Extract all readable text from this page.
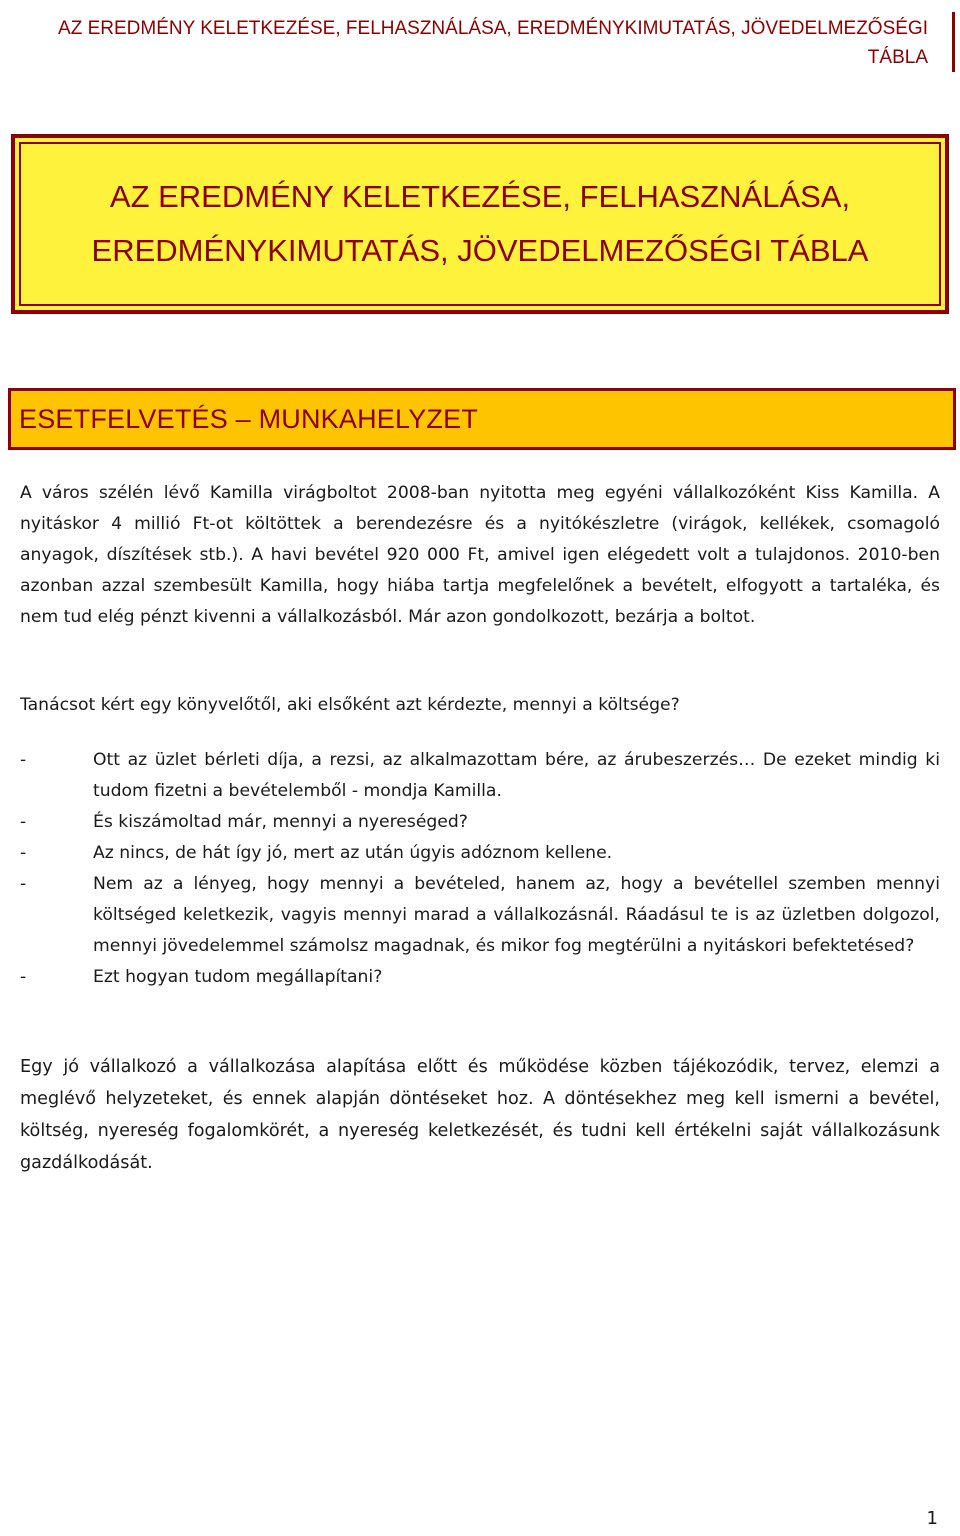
AZ EREDMÉNY KELETKEZÉSE, FELHASZNÁLÁSA, EREDMÉNYKIMUTATÁS, JÖVEDELMEZŐSÉGI TÁBLA
AZ EREDMÉNY KELETKEZÉSE, FELHASZNÁLÁSA,
EREDMÉNYKIMUTATÁS, JÖVEDELMEZŐSÉGI TÁBLA
ESETFELVETÉS – MUNKAHELYZET
A város szélén lévő Kamilla virágboltot 2008-ban nyitotta meg egyéni vállalkozóként Kiss Kamilla. A nyitáskor 4 millió Ft-ot költöttek a berendezésre és a nyitókészletre (virágok, kellékek, csomagoló anyagok, díszítések stb.). A havi bevétel 920 000 Ft, amivel igen elégedett volt a tulajdonos. 2010-ben azonban azzal szembesült Kamilla, hogy hiába tartja megfelelőnek a bevételt, elfogyott a tartaléka, és nem tud elég pénzt kivenni a vállalkozásból. Már azon gondolkozott, bezárja a boltot.
Tanácsot kért egy könyvelőtől, aki elsőként azt kérdezte, mennyi a költsége?
-	Ott az üzlet bérleti díja, a rezsi, az alkalmazottam bére, az árubeszerzés… De ezeket mindig ki tudom fizetni a bevételemből - mondja Kamilla.
-	És kiszámoltad már, mennyi a nyereséged?
-	Az nincs, de hát így jó, mert az után úgyis adóznom kellene.
-	Nem az a lényeg, hogy mennyi a bevételed, hanem az, hogy a bevétellel szemben mennyi költséged keletkezik, vagyis mennyi marad a vállalkozásnál. Ráadásul te is az üzletben dolgozol, mennyi jövedelemmel számolsz magadnak, és mikor fog megtérülni a nyitáskori befektetésed?
-	Ezt hogyan tudom megállapítani?
Egy jó vállalkozó a vállalkozása alapítása előtt és működése közben tájékozódik, tervez, elemzi a meglévő helyzeteket, és ennek alapján döntéseket hoz. A döntésekhez meg kell ismerni a bevétel, költség, nyereség fogalomkörét, a nyereség keletkezését, és tudni kell értékelni saját vállalkozásunk gazdálkodását.
1
